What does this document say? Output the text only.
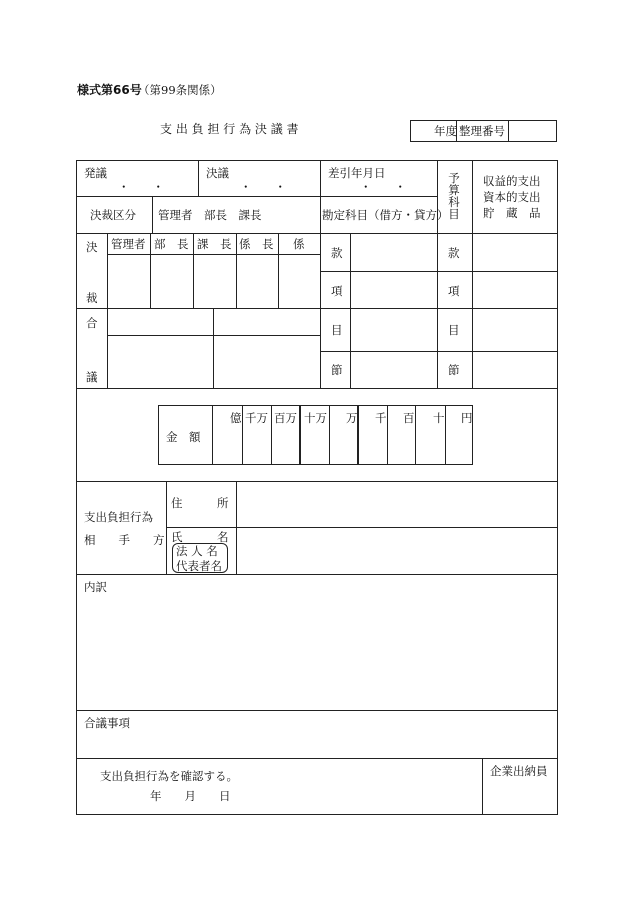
様式第66号
（第99条関係）
支 出 負 担 行 為 決 議 書	年度 整理番号
発議
・　　・
決議
・　　・
差引年月日
・　　・
予算科目
収益的支出
資本的支出
貯　蔵　品
決裁区分 管理者　部長　課長	勘定科目（借方・貸方）
決
裁
管理者 部　長 課　長 係　長 係
合
議
款
項
目
節
款
項
目
節
金　額
億 千万 百万 十万 万 千 百 十 円
支出負担行為
相　　手　　方
住　　　所
氏　　　名
法 人 名
代表者名
内訳
合議事項
支出負担行為を確認する。
年　　月　　日
企業出納員
